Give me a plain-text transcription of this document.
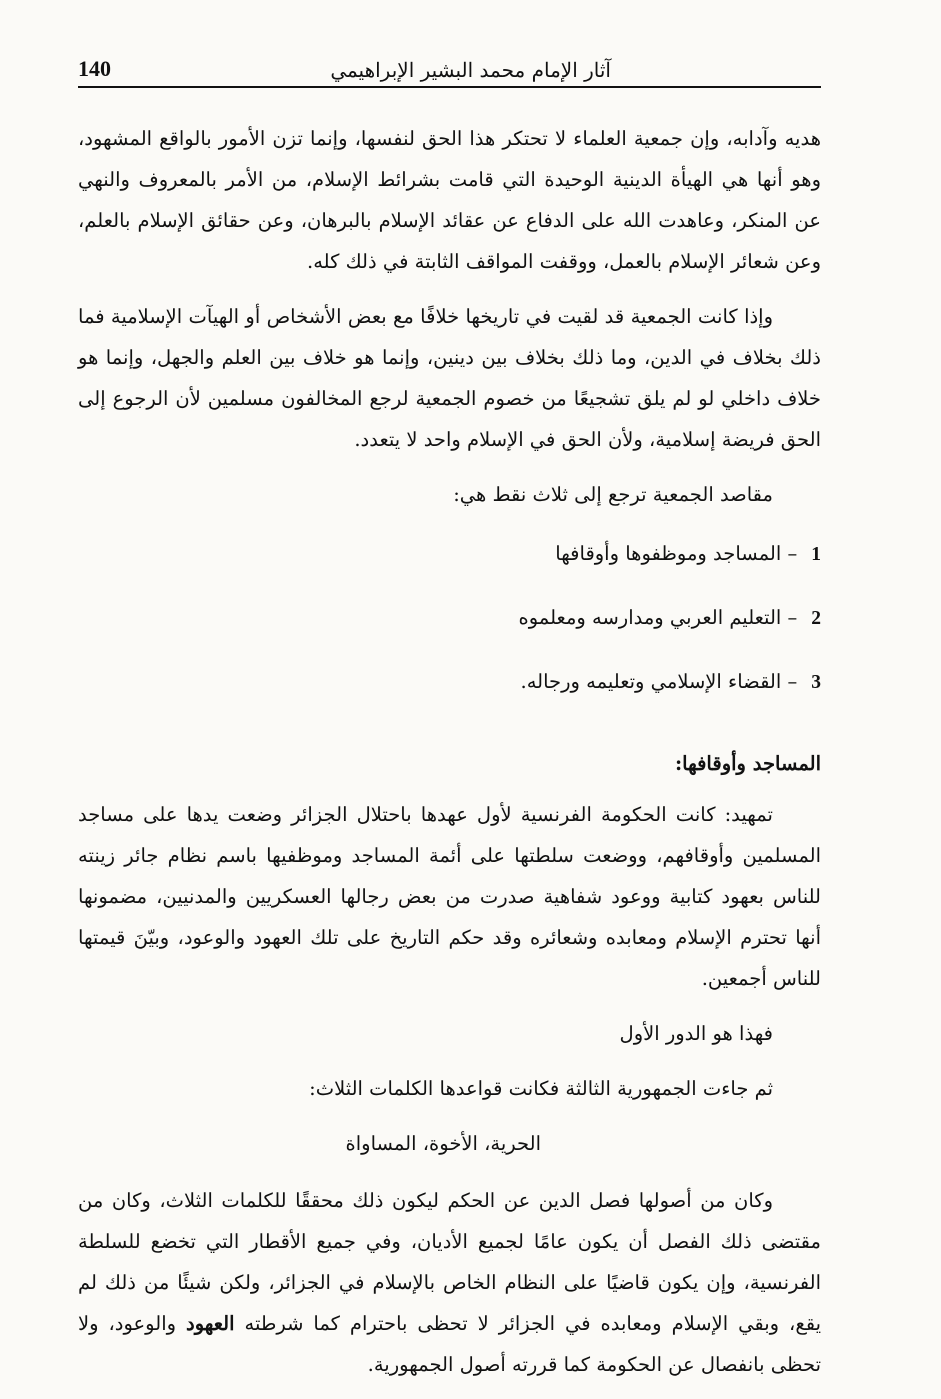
140	آثار الإمام محمد البشير الإبراهيمي

هديه وآدابه، وإن جمعية العلماء لا تحتكر هذا الحق لنفسها، وإنما تزن الأمور بالواقع المشهود، وهو أنها هي الهيأة الدينية الوحيدة التي قامت بشرائط الإسلام، من الأمر بالمعروف والنهي عن المنكر، وعاهدت الله على الدفاع عن عقائد الإسلام بالبرهان، وعن حقائق الإسلام بالعلم، وعن شعائر الإسلام بالعمل، ووقفت المواقف الثابتة في ذلك كله.

وإذا كانت الجمعية قد لقيت في تاريخها خلافًا مع بعض الأشخاص أو الهيآت الإسلامية فما ذلك بخلاف في الدين، وما ذلك بخلاف بين دينين، وإنما هو خلاف بين العلم والجهل، وإنما هو خلاف داخلي لو لم يلق تشجيعًا من خصوم الجمعية لرجع المخالفون مسلمين لأن الرجوع إلى الحق فريضة إسلامية، ولأن الحق في الإسلام واحد لا يتعدد.

مقاصد الجمعية ترجع إلى ثلاث نقط هي:

1– المساجد وموظفوها وأوقافها

2– التعليم العربي ومدارسه ومعلموه

3– القضاء الإسلامي وتعليمه ورجاله.

المساجد وأوقافها:

تمهيد: كانت الحكومة الفرنسية لأول عهدها باحتلال الجزائر وضعت يدها على مساجد المسلمين وأوقافهم، ووضعت سلطتها على أئمة المساجد وموظفيها باسم نظام جائر زينته للناس بعهود كتابية ووعود شفاهية صدرت من بعض رجالها العسكريين والمدنيين، مضمونها أنها تحترم الإسلام ومعابده وشعائره وقد حكم التاريخ على تلك العهود والوعود، وبيّنَ قيمتها للناس أجمعين.

فهذا هو الدور الأول

ثم جاءت الجمهورية الثالثة فكانت قواعدها الكلمات الثلاث:

الحرية، الأخوة، المساواة

وكان من أصولها فصل الدين عن الحكم ليكون ذلك محققًا للكلمات الثلاث، وكان من مقتضى ذلك الفصل أن يكون عامًا لجميع الأديان، وفي جميع الأقطار التي تخضع للسلطة الفرنسية، وإن يكون قاضيًا على النظام الخاص بالإسلام في الجزائر، ولكن شيئًا من ذلك لم يقع، وبقي الإسلام ومعابده في الجزائر لا تحظى باحترام كما شرطته العهود والوعود، ولا تحظى بانفصال عن الحكومة كما قررته أصول الجمهورية.
